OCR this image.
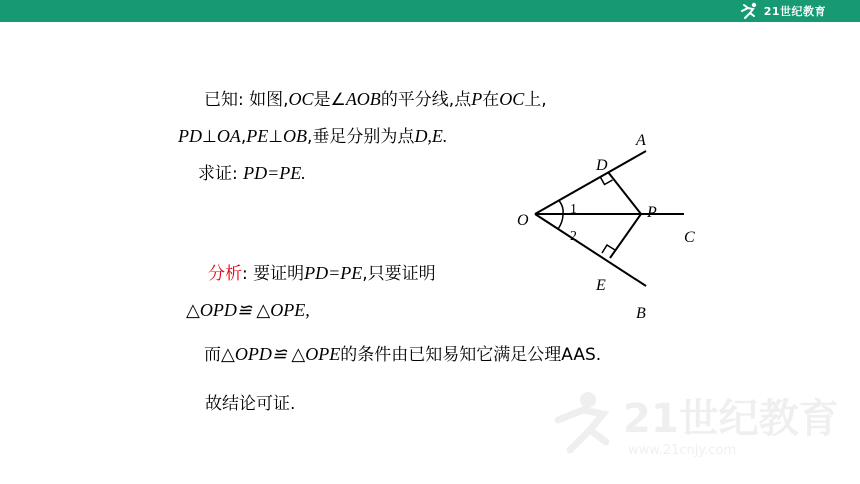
21世纪教育
21世纪教育
www.21cnjy.com
已知: 如图,OC是∠AOB的平分线,点P在OC上,
PD⊥OA,PE⊥OB,垂足分别为点D,E.
求证: PD=PE.
分析: 要证明PD=PE,只要证明
△OPD≌ △OPE,
而△OPD≌ △OPE的条件由已知易知它满足公理AAS.
故结论可证.
A
B
C
D
E
O	P
1
2
